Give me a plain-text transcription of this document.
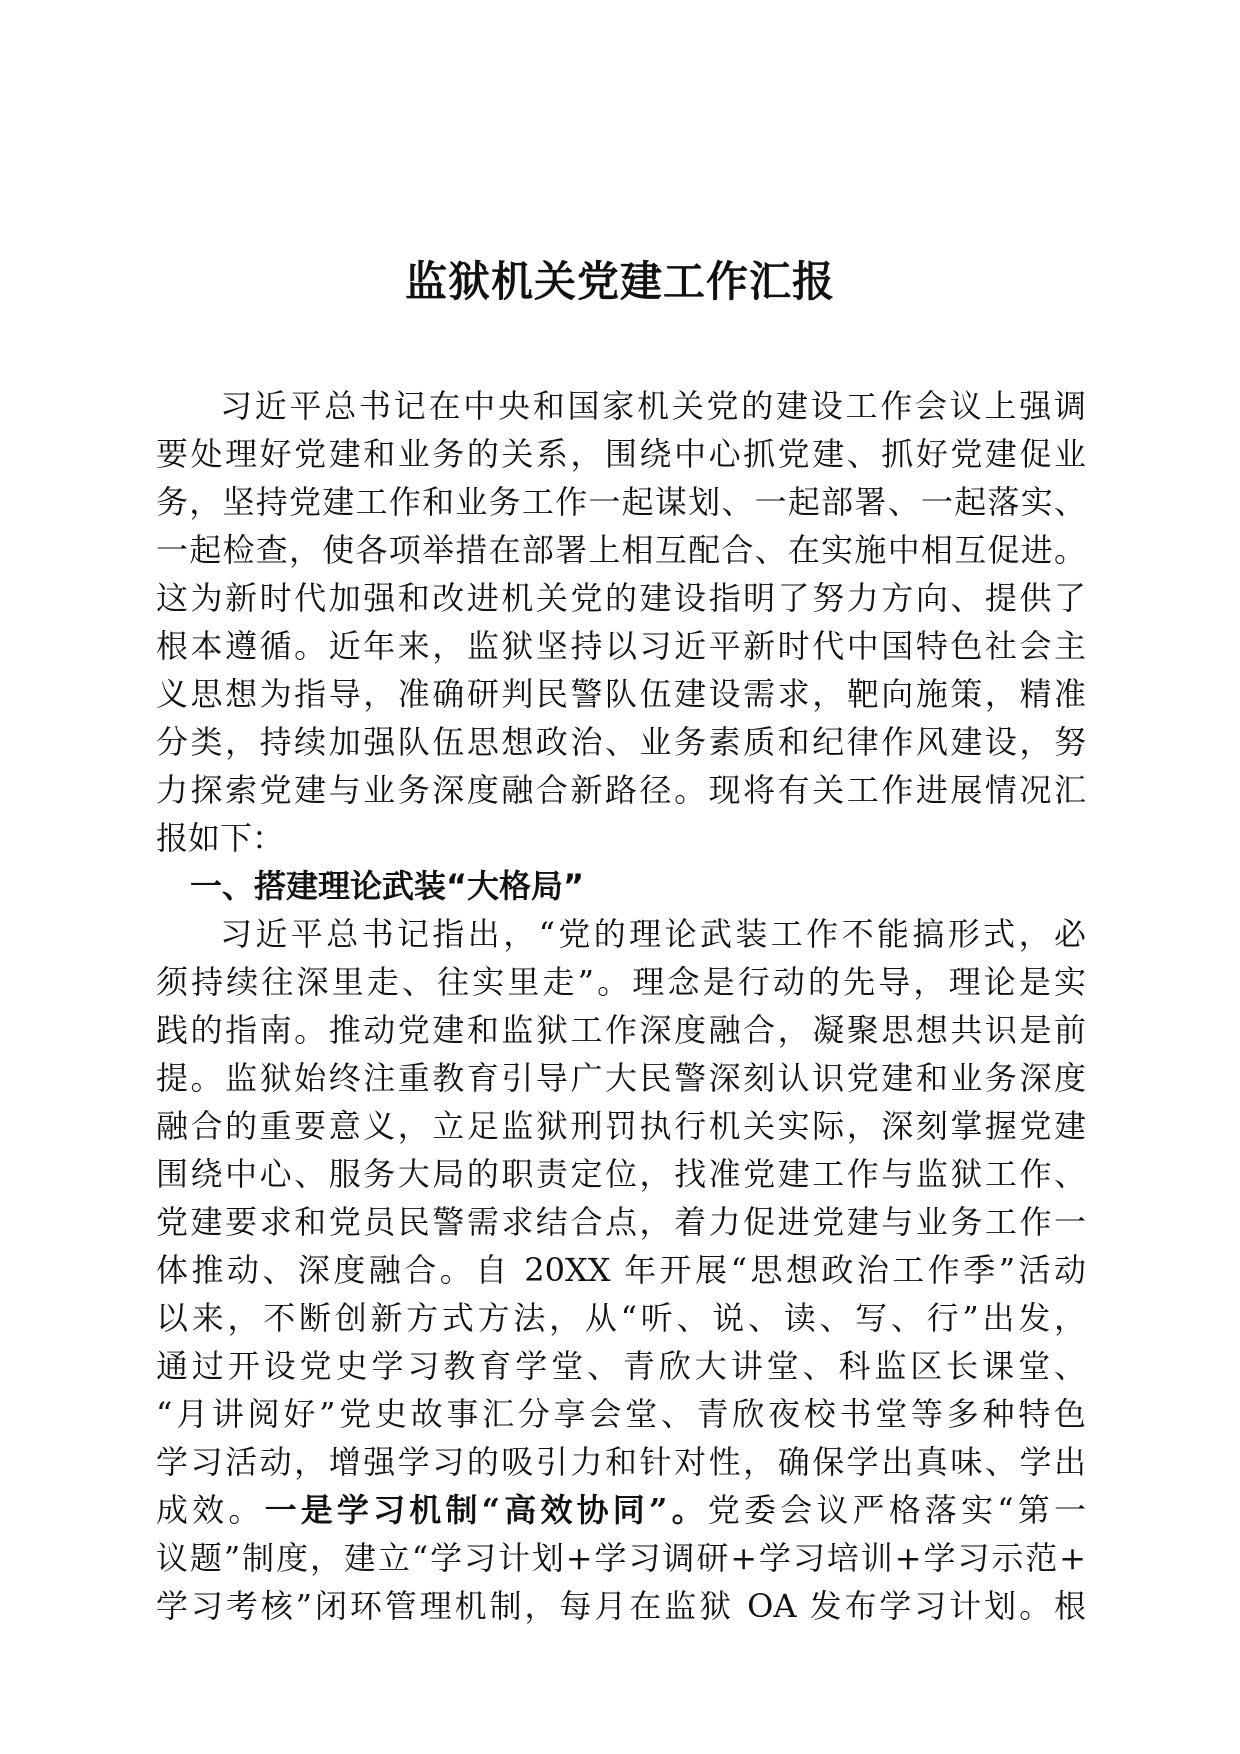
监狱机关党建工作汇报
习近平总书记在中央和国家机关党的建设工作会议上强调
要处理好党建和业务的关系，围绕中心抓党建、抓好党建促业
务，坚持党建工作和业务工作一起谋划、一起部署、一起落实、
一起检查，使各项举措在部署上相互配合、在实施中相互促进。
这为新时代加强和改进机关党的建设指明了努力方向、提供了
根本遵循。近年来，监狱坚持以习近平新时代中国特色社会主
义思想为指导，准确研判民警队伍建设需求，靶向施策，精准
分类，持续加强队伍思想政治、业务素质和纪律作风建设，努
力探索党建与业务深度融合新路径。现将有关工作进展情况汇
报如下：
一、搭建理论武装“大格局”
习近平总书记指出，“党的理论武装工作不能搞形式，必
须持续往深里走、往实里走”。理念是行动的先导，理论是实
践的指南。推动党建和监狱工作深度融合，凝聚思想共识是前
提。监狱始终注重教育引导广大民警深刻认识党建和业务深度
融合的重要意义，立足监狱刑罚执行机关实际，深刻掌握党建
围绕中心、服务大局的职责定位，找准党建工作与监狱工作、
党建要求和党员民警需求结合点，着力促进党建与业务工作一
体推动、深度融合。自 20XX 年开展“思想政治工作季”活动
以来，不断创新方式方法，从“听、说、读、写、行”出发，
通过开设党史学习教育学堂、青欣大讲堂、科监区长课堂、
“月讲阅好”党史故事汇分享会堂、青欣夜校书堂等多种特色
学习活动，增强学习的吸引力和针对性，确保学出真味、学出
成效。一是学习机制“高效协同”。党委会议严格落实“第一
议题”制度，建立“学习计划+学习调研+学习培训+学习示范+
学习考核”闭环管理机制，每月在监狱 OA 发布学习计划。根
